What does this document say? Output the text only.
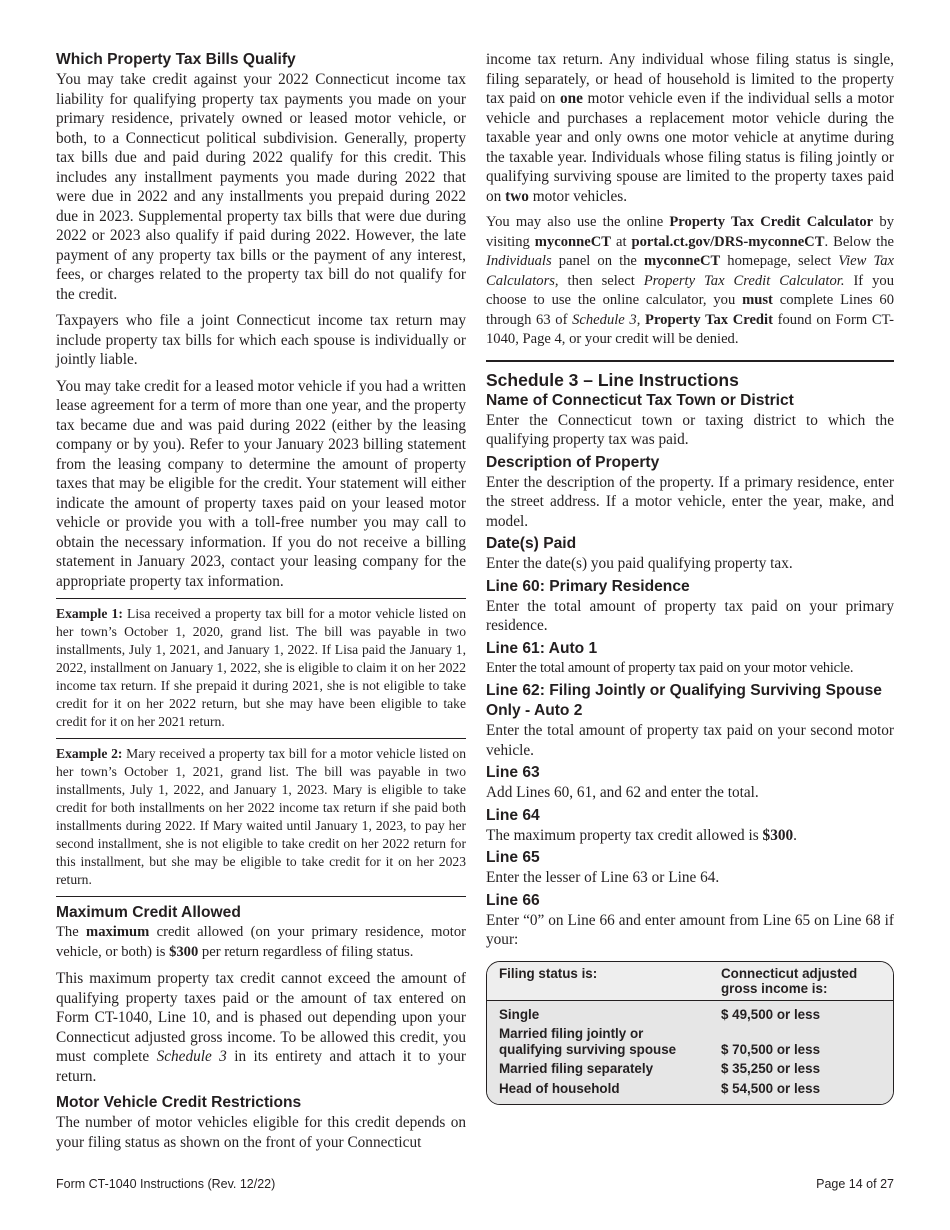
Which Property Tax Bills Qualify

You may take credit against your 2022 Connecticut income tax liability for qualifying property tax payments you made on your primary residence, privately owned or leased motor vehicle, or both, to a Connecticut political subdivision. Generally, property tax bills due and paid during 2022 qualify for this credit. This includes any installment payments you made during 2022 that were due in 2022 and any installments you prepaid during 2022 due in 2023. Supplemental property tax bills that were due during 2022 or 2023 also qualify if paid during 2022. However, the late payment of any property tax bills or the payment of any interest, fees, or charges related to the property tax bill do not qualify for the credit.

Taxpayers who file a joint Connecticut income tax return may include property tax bills for which each spouse is individually or jointly liable.

You may take credit for a leased motor vehicle if you had a written lease agreement for a term of more than one year, and the property tax became due and was paid during 2022 (either by the leasing company or by you). Refer to your January 2023 billing statement from the leasing company to determine the amount of property taxes that may be eligible for the credit. Your statement will either indicate the amount of property taxes paid on your leased motor vehicle or provide you with a toll-free number you may call to obtain the necessary information. If you do not receive a billing statement in January 2023, contact your leasing company for the appropriate property tax information.

Example 1: Lisa received a property tax bill for a motor vehicle listed on her town’s October 1, 2020, grand list. The bill was payable in two installments, July 1, 2021, and January 1, 2022. If Lisa paid the January 1, 2022, installment on January 1, 2022, she is eligible to claim it on her 2022 income tax return. If she prepaid it during 2021, she is not eligible to take credit for it on her 2022 return, but she may have been eligible to take credit for it on her 2021 return.

Example 2: Mary received a property tax bill for a motor vehicle listed on her town’s October 1, 2021, grand list. The bill was payable in two installments, July 1, 2022, and January 1, 2023. Mary is eligible to take credit for both installments on her 2022 income tax return if she paid both installments during 2022. If Mary waited until January 1, 2023, to pay her second installment, she is not eligible to take credit on her 2022 return for this installment, but she may be eligible to take credit for it on her 2023 return.

Maximum Credit Allowed

The maximum credit allowed (on your primary residence, motor vehicle, or both) is $300 per return regardless of filing status.

This maximum property tax credit cannot exceed the amount of qualifying property taxes paid or the amount of tax entered on Form CT-1040, Line 10, and is phased out depending upon your Connecticut adjusted gross income. To be allowed this credit, you must complete Schedule 3 in its entirety and attach it to your return.

Motor Vehicle Credit Restrictions

The number of motor vehicles eligible for this credit depends on your filing status as shown on the front of your Connecticut

income tax return. Any individual whose filing status is single, filing separately, or head of household is limited to the property tax paid on one motor vehicle even if the individual sells a motor vehicle and purchases a replacement motor vehicle during the taxable year and only owns one motor vehicle at anytime during the taxable year. Individuals whose filing status is filing jointly or qualifying surviving spouse are limited to the property taxes paid on two motor vehicles.

You may also use the online Property Tax Credit Calculator by visiting myconneCT at portal.ct.gov/DRS-myconneCT. Below the Individuals panel on the myconneCT homepage, select View Tax Calculators, then select Property Tax Credit Calculator. If you choose to use the online calculator, you must complete Lines 60 through 63 of Schedule 3, Property Tax Credit found on Form CT-1040, Page 4, or your credit will be denied.

Schedule 3 – Line Instructions
Name of Connecticut Tax Town or District

Enter the Connecticut town or taxing district to which the qualifying property tax was paid.

Description of Property

Enter the description of the property. If a primary residence, enter the street address. If a motor vehicle, enter the year, make, and model.

Date(s) Paid

Enter the date(s) you paid qualifying property tax.

Line 60: Primary Residence

Enter the total amount of property tax paid on your primary residence.

Line 61: Auto 1

Enter the total amount of property tax paid on your motor vehicle.

Line 62: Filing Jointly or Qualifying Surviving Spouse Only - Auto 2

Enter the total amount of property tax paid on your second motor vehicle.

Line 63

Add Lines 60, 61, and 62 and enter the total.

Line 64

The maximum property tax credit allowed is $300.

Line 65

Enter the lesser of Line 63 or Line 64.

Line 66

Enter “0” on Line 66 and enter amount from Line 65 on Line 68 if your:

Filing status is:	Connecticut adjusted gross income is:
Single	$ 49,500 or less
Married filing jointly or
qualifying surviving spouse	$ 70,500 or less
Married filing separately	$ 35,250 or less
Head of household	$ 54,500 or less
Form CT-1040 Instructions (Rev. 12/22)	Page 14 of 27
